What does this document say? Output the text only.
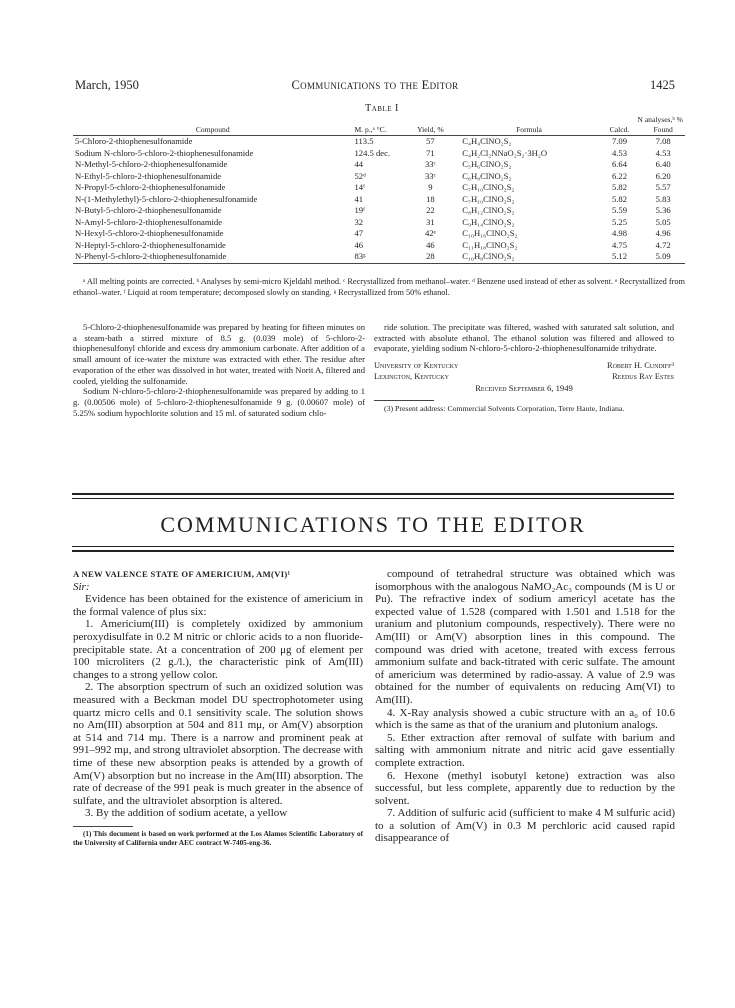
March, 1950	Communications to the Editor	1425
Table I
				N analyses,ᵇ %	
Compound	M. p.,ᵃ °C.	Yield, %	Formula	Calcd.	Found
5-Chloro-2-thiophenesulfonamide	113.5	57	C₄H₄ClNO₂S₂	7.09	7.08
Sodium N-chloro-5-chloro-2-thiophenesulfonamide	124.5 dec.	71	C₄H₂Cl₂NNaO₂S₂·3H₂O	4.53	4.53
N-Methyl-5-chloro-2-thiophenesulfonamide	44	33ᶜ	C₅H₆ClNO₂S₂	6.64	6.40
N-Ethyl-5-chloro-2-thiophenesulfonamide	52ᵈ	33ᶜ	C₆H₈ClNO₂S₂	6.22	6.20
N-Propyl-5-chloro-2-thiophenesulfonamide	14ᶠ	9	C₇H₁₀ClNO₂S₂	5.82	5.57
N-(1-Methylethyl)-5-chloro-2-thiophenesulfonamide	41	18	C₇H₁₀ClNO₂S₂	5.82	5.83
N-Butyl-5-chloro-2-thiophenesulfonamide	19ᶠ	22	C₈H₁₂ClNO₂S₂	5.59	5.36
N-Amyl-5-chloro-2-thiophenesulfonamide	32	31	C₉H₁₄ClNO₂S₂	5.25	5.05
N-Hexyl-5-chloro-2-thiophenesulfonamide	47	42ᵉ	C₁₀H₁₆ClNO₂S₂	4.98	4.96
N-Heptyl-5-chloro-2-thiophenesulfonamide	46	46	C₁₁H₁₈ClNO₂S₂	4.75	4.72
N-Phenyl-5-chloro-2-thiophenesulfonamide	83ᵍ	28	C₁₀H₈ClNO₂S₂	5.12	5.09
ᵃ All melting points are corrected. ᵇ Analyses by semi-micro Kjeldahl method. ᶜ Recrystallized from methanol–water. ᵈ Benzene used instead of ether as solvent. ᵉ Recrystallized from ethanol–water. ᶠ Liquid at room temperature; decomposed slowly on standing. ᵍ Recrystallized from 50% ethanol.

5-Chloro-2-thiophenesulfonamide was prepared by heating for fifteen minutes on a steam-bath a stirred mixture of 8.5 g. (0.039 mole) of 5-chloro-2-thiophenesulfonyl chloride and excess dry ammonium carbonate. After addition of a small amount of ice-water the mixture was extracted with ether. The residue after evaporation of the ether was dissolved in hot water, treated with Norit A, filtered and cooled, yielding the sulfonamide.

Sodium N-chloro-5-chloro-2-thiophenesulfonamide was prepared by adding to 1 g. (0.00506 mole) of 5-chloro-2-thiophenesulfonamide 9 g. (0.00607 mole) of 5.25% sodium hypochlorite solution and 15 ml. of saturated sodium chlo-

ride solution. The precipitate was filtered, washed with saturated salt solution, and extracted with absolute ethanol. The ethanol solution was filtered and allowed to evaporate, yielding sodium N-chloro-5-chloro-2-thiophenesulfonamide trihydrate.

University of Kentucky	Robert H. Cundiff³
Lexington, Kentucky	Reedus Ray Estes
Received September 6, 1949
(3) Present address: Commercial Solvents Corporation, Terre Haute, Indiana.
COMMUNICATIONS TO THE EDITOR
A NEW VALENCE STATE OF AMERICIUM, AM(VI)¹
Sir:

Evidence has been obtained for the existence of americium in the formal valence of plus six:

1. Americium(III) is completely oxidized by ammonium peroxydisulfate in 0.2 M nitric or chloric acids to a non fluoride-precipitable state. At a concentration of 200 μg of element per 100 microliters (2 g./l.), the characteristic pink of Am(III) changes to a strong yellow color.

2. The absorption spectrum of such an oxidized solution was measured with a Beckman model DU spectrophotometer using quartz micro cells and 0.1 sensitivity scale. The solution shows no Am(III) absorption at 504 and 811 mμ, or Am(V) absorption at 514 and 714 mμ. There is a narrow and prominent peak at 991–992 mμ, and strong ultraviolet absorption. The decrease with time of these new absorption peaks is attended by a growth of Am(V) absorption but no increase in the Am(III) absorption. The rate of decrease of the 991 peak is much greater in the absence of sulfate, and the ultraviolet absorption is altered.

3. By the addition of sodium acetate, a yellow

(1) This document is based on work performed at the Los Alamos Scientific Laboratory of the University of California under AEC contract W-7405-eng-36.

compound of tetrahedral structure was obtained which was isomorphous with the analogous NaMO₂Ac₃ compounds (M is U or Pu). The refractive index of sodium americyl acetate has the expected value of 1.528 (compared with 1.501 and 1.518 for the uranium and plutonium compounds, respectively). There were no Am(III) or Am(V) absorption lines in this compound. The compound was dried with acetone, treated with excess ferrous ammonium sulfate and back-titrated with ceric sulfate. The amount of americium was determined by radio-assay. A value of 2.9 was obtained for the number of equivalents on reducing Am(VI) to Am(III).

4. X-Ray analysis showed a cubic structure with an a₀ of 10.6 which is the same as that of the uranium and plutonium analogs.

5. Ether extraction after removal of sulfate with barium and salting with ammonium nitrate and nitric acid gave essentially complete extraction.

6. Hexone (methyl isobutyl ketone) extraction was also successful, but less complete, apparently due to reduction by the solvent.

7. Addition of sulfuric acid (sufficient to make 4 M sulfuric acid) to a solution of Am(V) in 0.3 M perchloric acid caused rapid disappearance of
